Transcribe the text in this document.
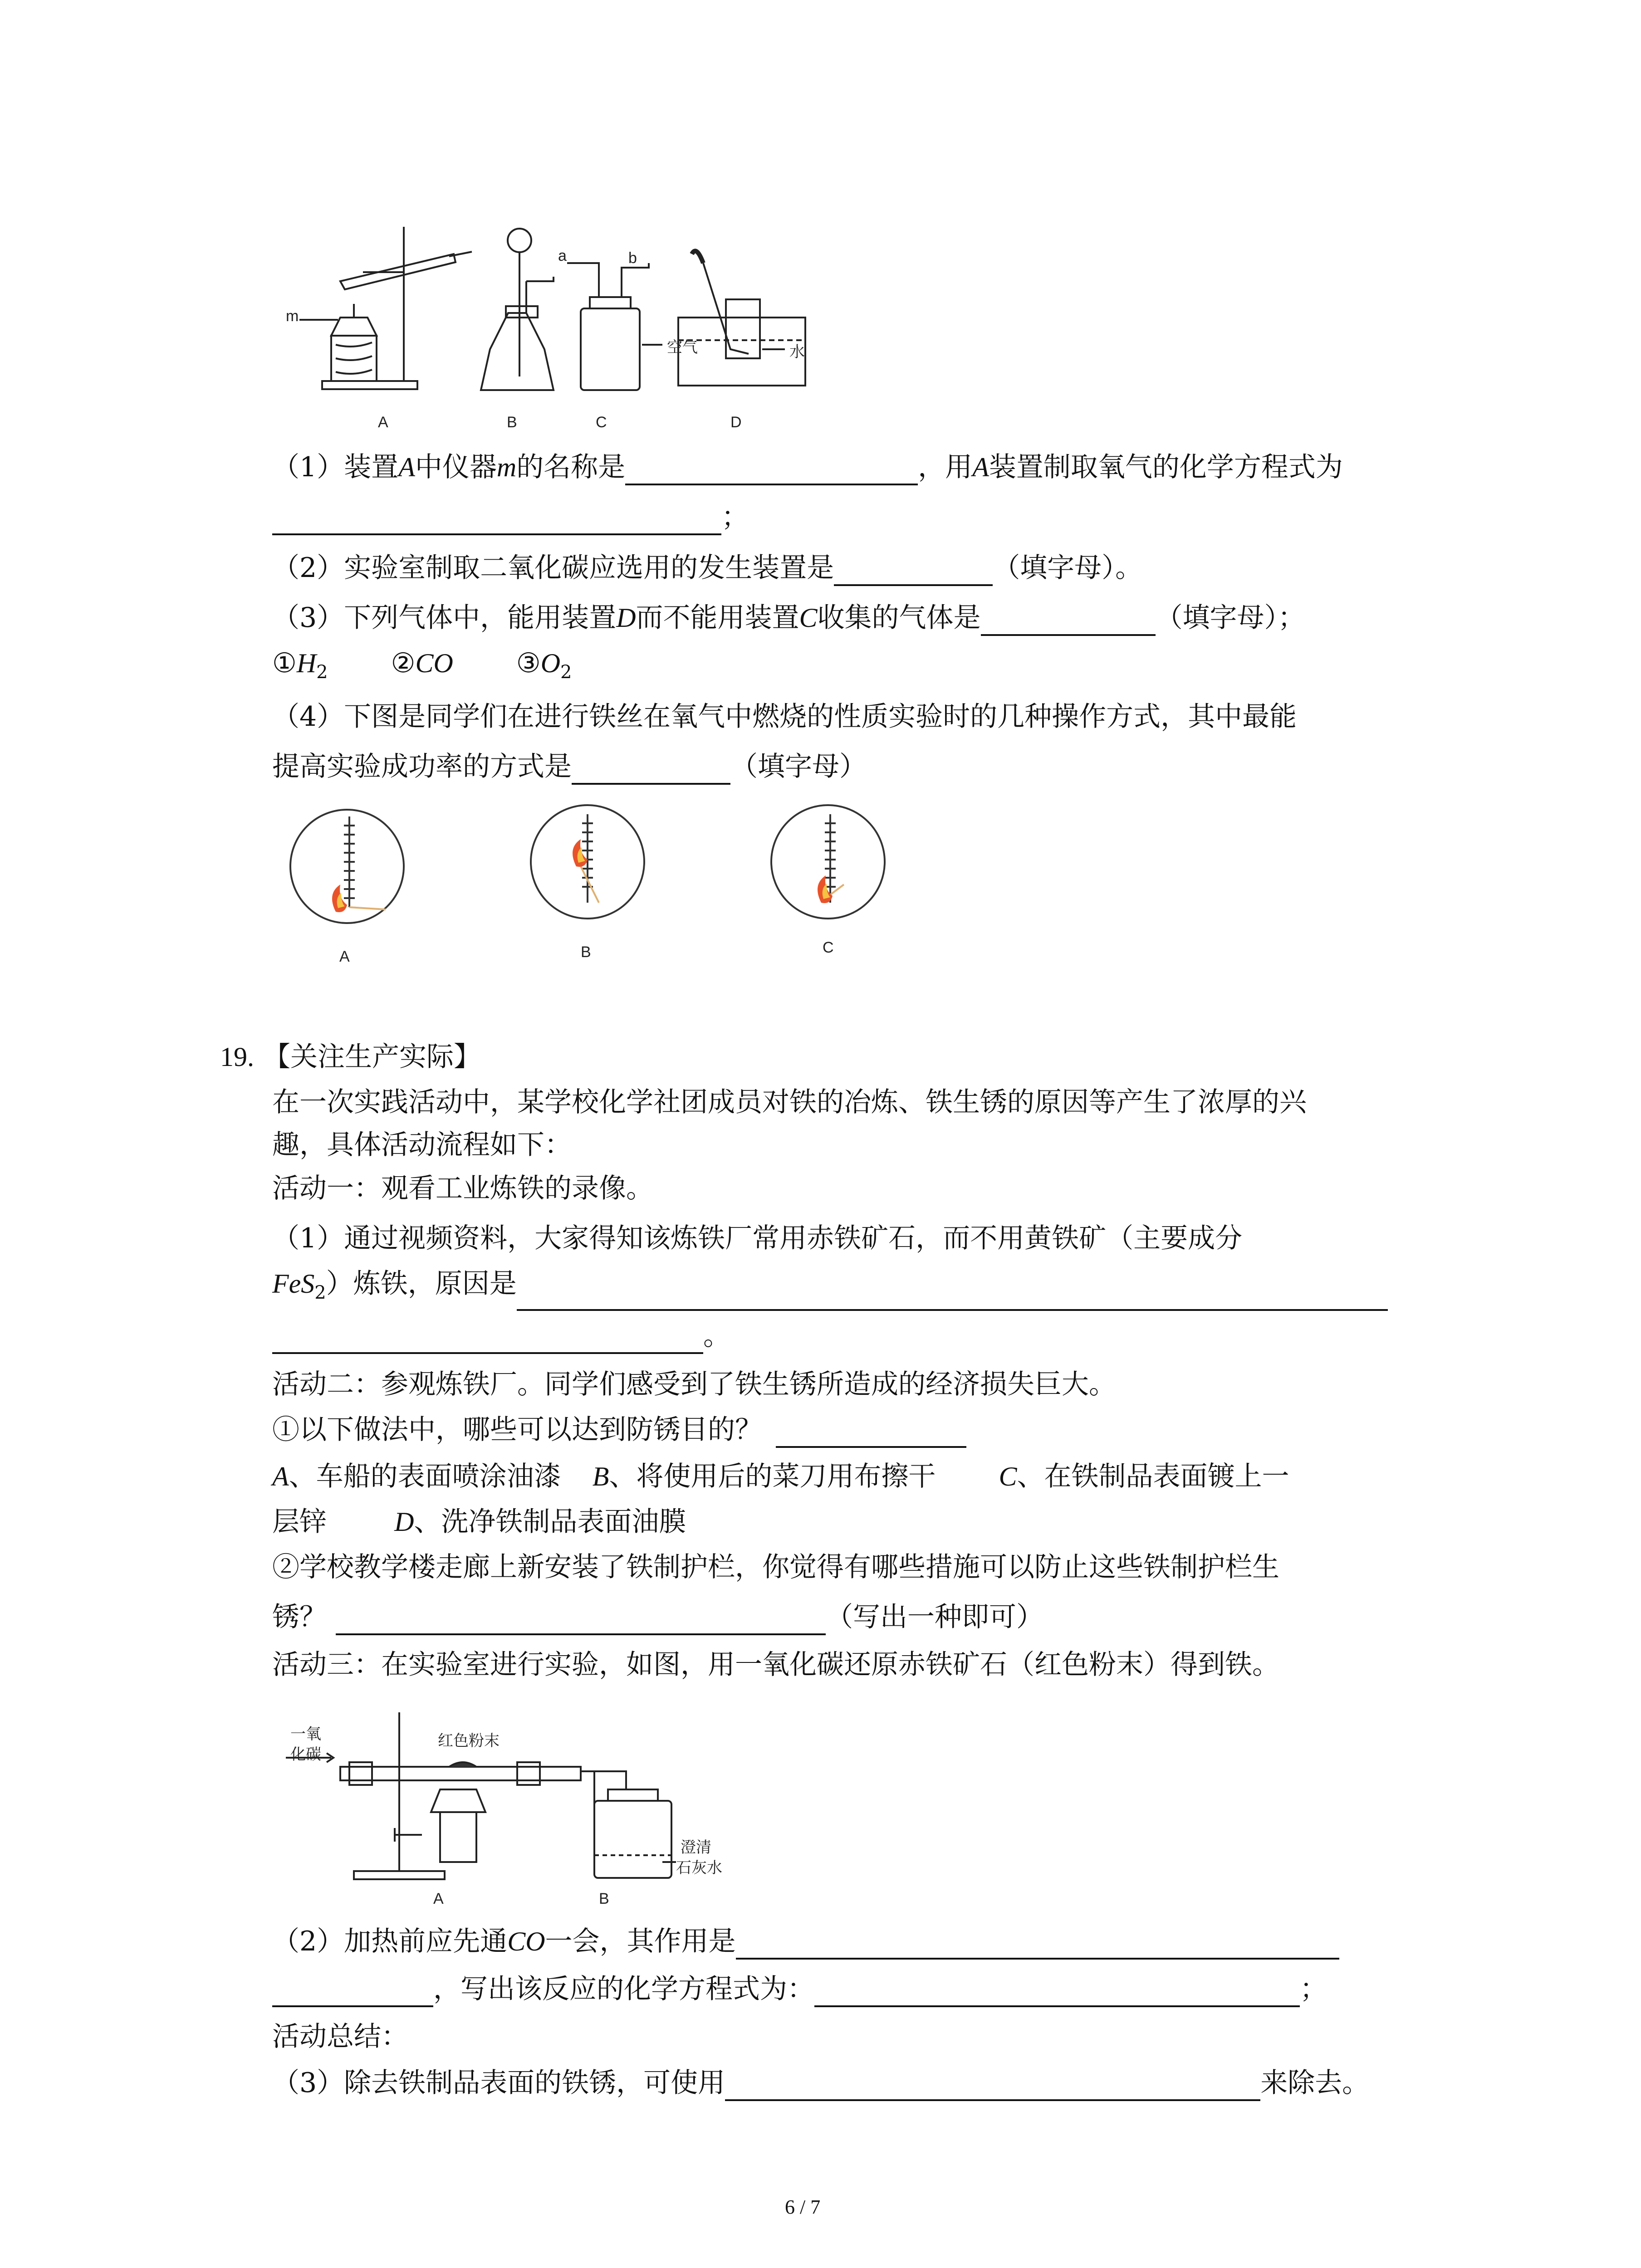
m
a	b
空气	水
A	B	C	D
（1）装置A中仪器m的名称是	，用A装置制取氧气的化学方程式为
；
（2）实验室制取二氧化碳应选用的发生装置是	（填字母）。
（3）下列气体中，能用装置D而不能用装置C收集的气体是	（填字母）；
$①H_2$ ②CO $③O_2$
（4）下图是同学们在进行铁丝在氧气中燃烧的性质实验时的几种操作方式，其中最能
提高实验成功率的方式是	（填字母）
A	B	C
19. 【关注生产实际】
在一次实践活动中，某学校化学社团成员对铁的冶炼、铁生锈的原因等产生了浓厚的兴
趣，具体活动流程如下：
活动一：观看工业炼铁的录像。
（1）通过视频资料，大家得知该炼铁厂常用赤铁矿石，而不用黄铁矿（主要成分
FeS$_2$）炼铁，原因是
。
活动二：参观炼铁厂。同学们感受到了铁生锈所造成的经济损失巨大。
①以下做法中，哪些可以达到防锈目的？
A、车船的表面喷涂油漆 B、将使用后的菜刀用布擦干 C、在铁制品表面镀上一
层锌 D、洗净铁制品表面油膜
②学校教学楼走廊上新安装了铁制护栏，你觉得有哪些措施可以防止这些铁制护栏生
锈？	（写出一种即可）
活动三：在实验室进行实验，如图，用一氧化碳还原赤铁矿石（红色粉末）得到铁。
一氧
化碳
红色粉末
澄清
石灰水
A	B
（2）加热前应先通CO一会，其作用是
，写出该反应的化学方程式为：	；
活动总结：
（3）除去铁制品表面的铁锈，可使用	来除去。
6 / 7
